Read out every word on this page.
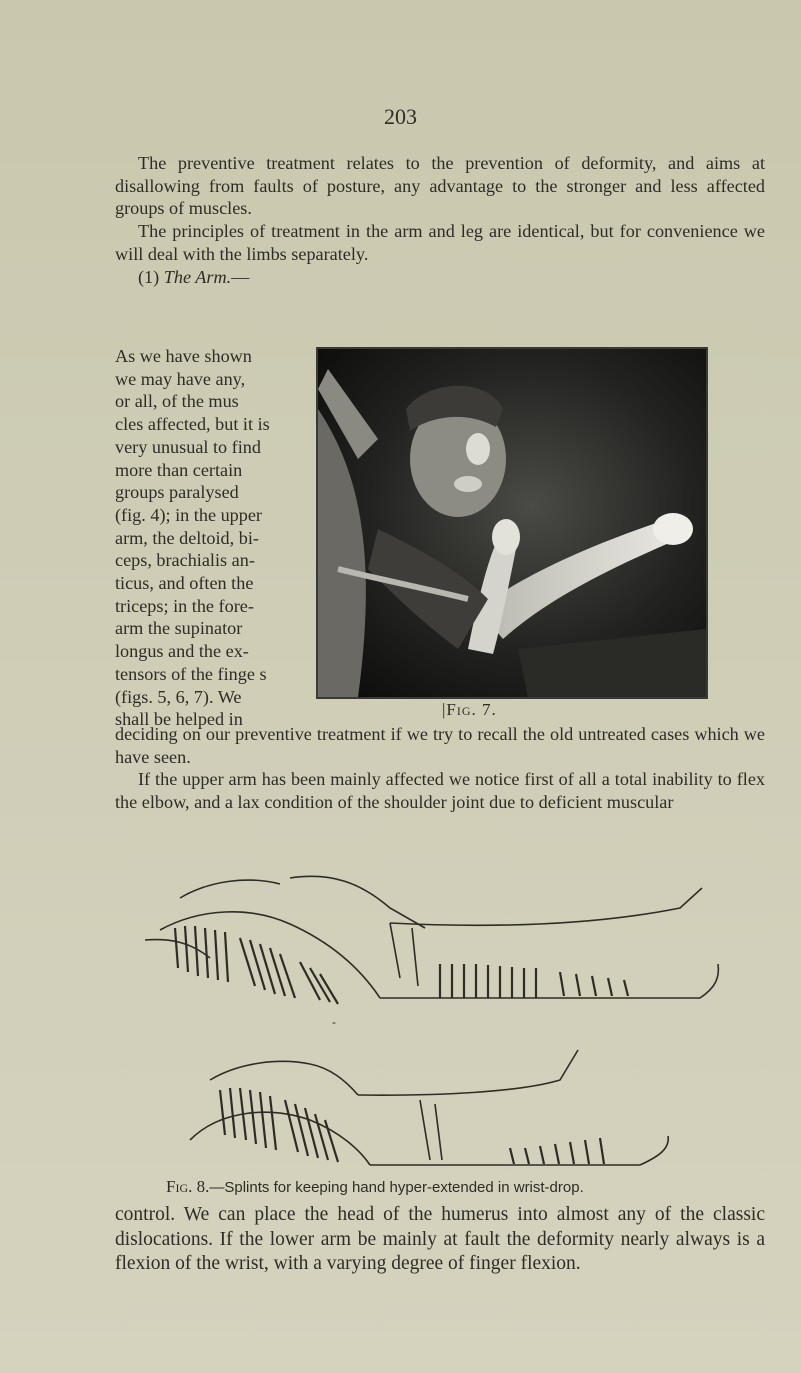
203

The preventive treatment relates to the prevention of deformity, and aims at disallowing from faults of posture, any advantage to the stronger and less affected groups of muscles.

The principles of treatment in the arm and leg are identical, but for convenience we will deal with the limbs separately.

(1) The Arm.—

As we have shown

we may have any,

or all, of the mus

cles affected, but it is

very unusual to find

more than certain

groups paralysed

(fig. 4); in the upper

arm, the deltoid, bi-

ceps, brachialis an-

ticus, and often the

triceps; in the fore-

arm the supinator

longus and the ex-

tensors of the finge s

(figs. 5, 6, 7). We

shall be helped in	|Fig. 7.

deciding on our preventive treatment if we try to recall the old untreated cases which we have seen.

If the upper arm has been mainly affected we notice first of all a total inability to flex the elbow, and a lax condition of the shoulder joint due to deficient muscular

-
Fig. 8.—Splints for keeping hand hyper-extended in wrist-drop.

control. We can place the head of the humerus into almost any of the classic dislocations. If the lower arm be mainly at fault the deformity nearly always is a flexion of the wrist, with a varying degree of finger flexion.
